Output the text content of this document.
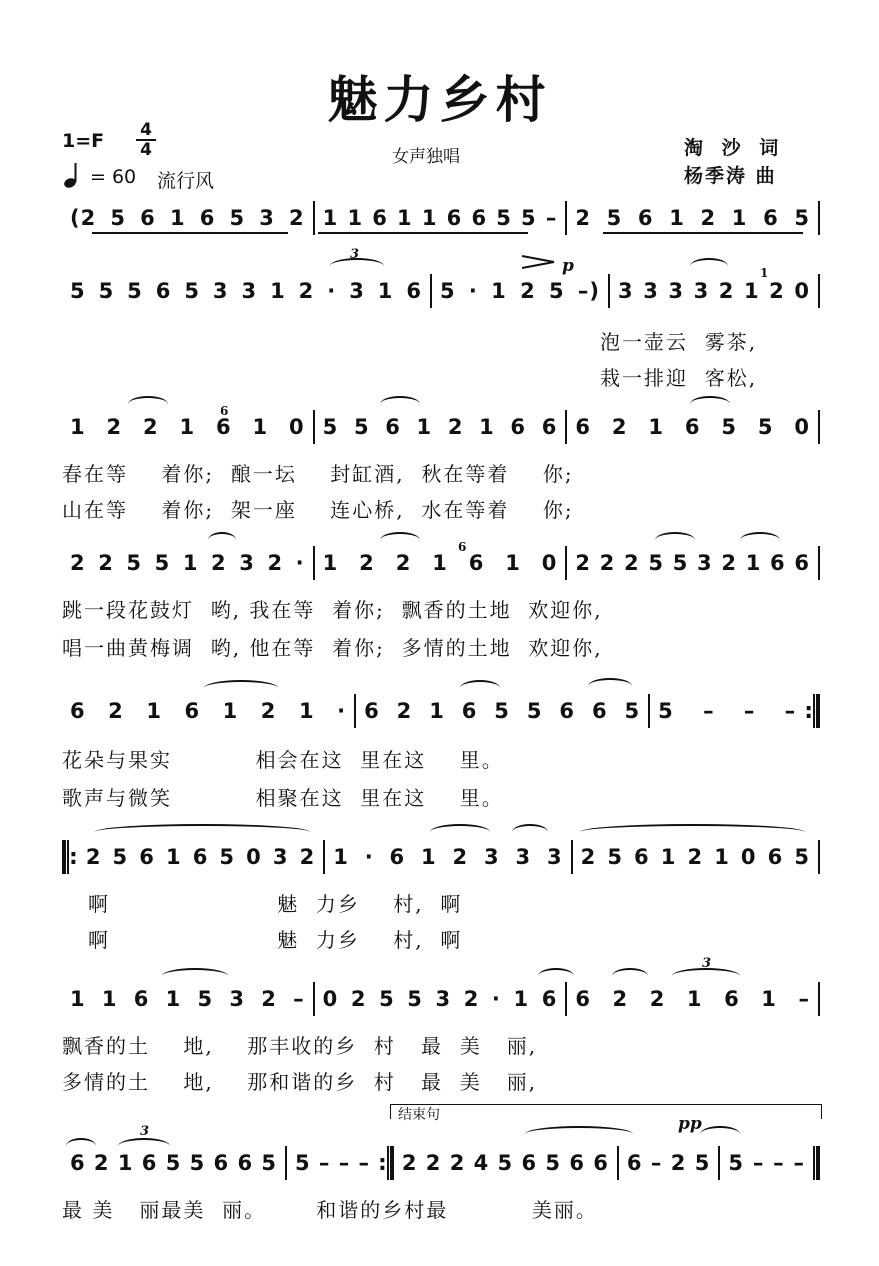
魅力乡村
1=F 4
4
= 60 流行风
女声独唱	淘 沙 词
杨季涛 曲
(2 5 6 1 6 5 3 2 1 1 6 1 1 6 6 5 5 – 2 5 6 1 2 1 6 5
3
p	1
5 5 5 6 5 3 3 1 2 · 3 1 6 5 · 1 2 5 –) 3 3 3 3 2 1 2 0
泡一壶云  雾茶,
栽一排迎  客松,
6
1 2 2 1 6 1 0 5 5 6 1 2 1 6 6 6 2 1 6 5 5 0
春在等    着你;  酿一坛    封缸酒,  秋在等着    你;
山在等    着你;  架一座    连心桥,  水在等着    你;
6
2 2 5 5 1 2 3 2 · 1 2 2 1 6 1 0 2 2 2 5 5 3 2 1 6 6
跳一段花鼓灯  哟, 我在等  着你;  飘香的土地  欢迎你,
唱一曲黄梅调  哟, 他在等  着你;  多情的土地  欢迎你,
6 2 1 6 1 2 1 · 6 2 1 6 5 5 6 6 5 5 – – – :
花朵与果实          相会在这  里在这    里。
歌声与微笑          相聚在这  里在这    里。
: 2 5 6 1 6 5 0 3 2 1 · 6 1 2 3 3 3 2 5 6 1 2 1 0 6 5
啊                    魅  力乡    村,  啊
啊                    魅  力乡    村,  啊
3
1 1 6 1 5 3 2 – 0 2 5 5 3 2 · 1 6 6 2 2 1 6 1 –
飘香的土    地,    那丰收的乡  村   最  美   丽,
多情的土    地,    那和谐的乡  村   最  美   丽,
结束句
3	pp
6 2 1 6 5 5 6 6 5 5 – – – : 2 2 2 4 5 6 5 6 6 6 – 2 5 5 – – –
最 美   丽最美  丽。      和谐的乡村最          美丽。
